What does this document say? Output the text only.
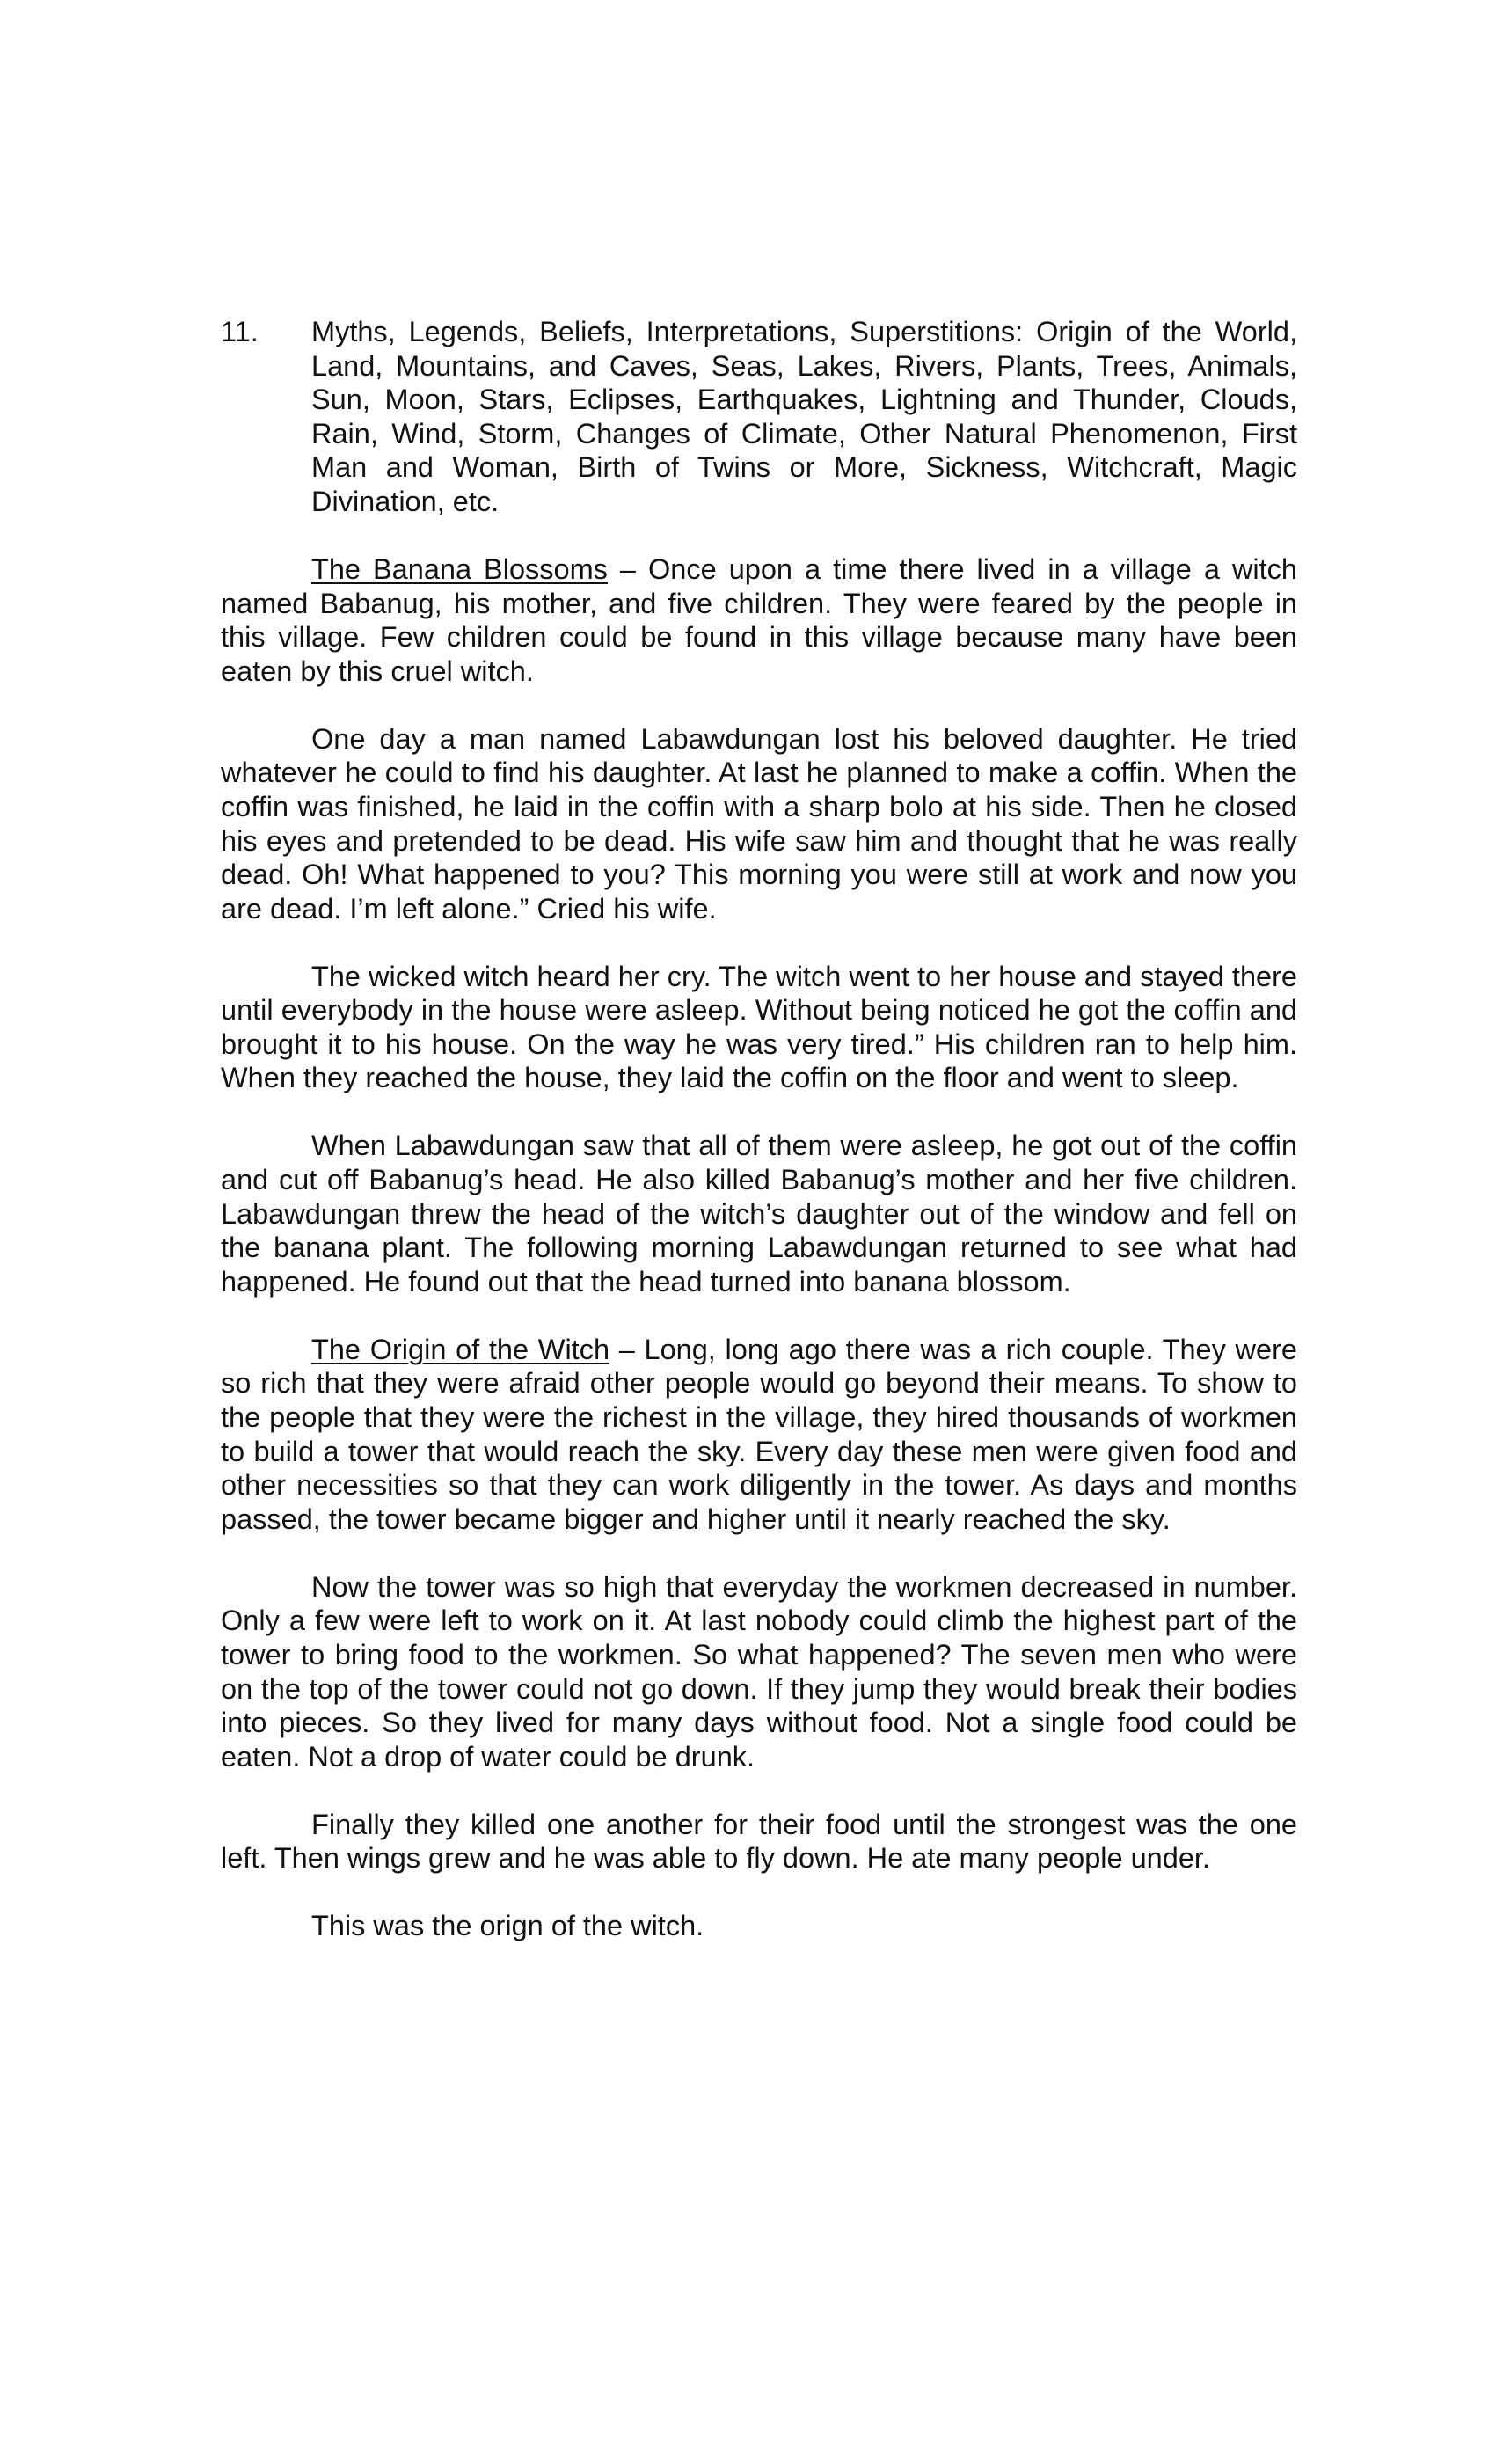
11.	Myths, Legends, Beliefs, Interpretations, Superstitions: Origin of the World, Land, Mountains, and Caves, Seas, Lakes, Rivers, Plants, Trees, Animals, Sun, Moon, Stars, Eclipses, Earthquakes, Lightning and Thunder, Clouds, Rain, Wind, Storm, Changes of Climate, Other Natural Phenomenon, First Man and Woman, Birth of Twins or More, Sickness, Witchcraft, Magic Divination, etc.

The Banana Blossoms – Once upon a time there lived in a village a witch named Babanug, his mother, and five children. They were feared by the people in this village. Few children could be found in this village because many have been eaten by this cruel witch.

One day a man named Labawdungan lost his beloved daughter. He tried whatever he could to find his daughter. At last he planned to make a coffin. When the coffin was finished, he laid in the coffin with a sharp bolo at his side. Then he closed his eyes and pretended to be dead. His wife saw him and thought that he was really dead. Oh! What happened to you? This morning you were still at work and now you are dead. I’m left alone.” Cried his wife.

The wicked witch heard her cry. The witch went to her house and stayed there until everybody in the house were asleep. Without being noticed he got the coffin and brought it to his house. On the way he was very tired.” His children ran to help him. When they reached the house, they laid the coffin on the floor and went to sleep.

When Labawdungan saw that all of them were asleep, he got out of the coffin and cut off Babanug’s head. He also killed Babanug’s mother and her five children. Labawdungan threw the head of the witch’s daughter out of the window and fell on the banana plant. The following morning Labawdungan returned to see what had happened. He found out that the head turned into banana blossom.

The Origin of the Witch – Long, long ago there was a rich couple. They were so rich that they were afraid other people would go beyond their means. To show to the people that they were the richest in the village, they hired thousands of workmen to build a tower that would reach the sky. Every day these men were given food and other necessities so that they can work diligently in the tower. As days and months passed, the tower became bigger and higher until it nearly reached the sky.

Now the tower was so high that everyday the workmen decreased in number. Only a few were left to work on it. At last nobody could climb the highest part of the tower to bring food to the workmen. So what happened? The seven men who were on the top of the tower could not go down. If they jump they would break their bodies into pieces. So they lived for many days without food. Not a single food could be eaten. Not a drop of water could be drunk.

Finally they killed one another for their food until the strongest was the one left. Then wings grew and he was able to fly down. He ate many people under.

This was the orign of the witch.
